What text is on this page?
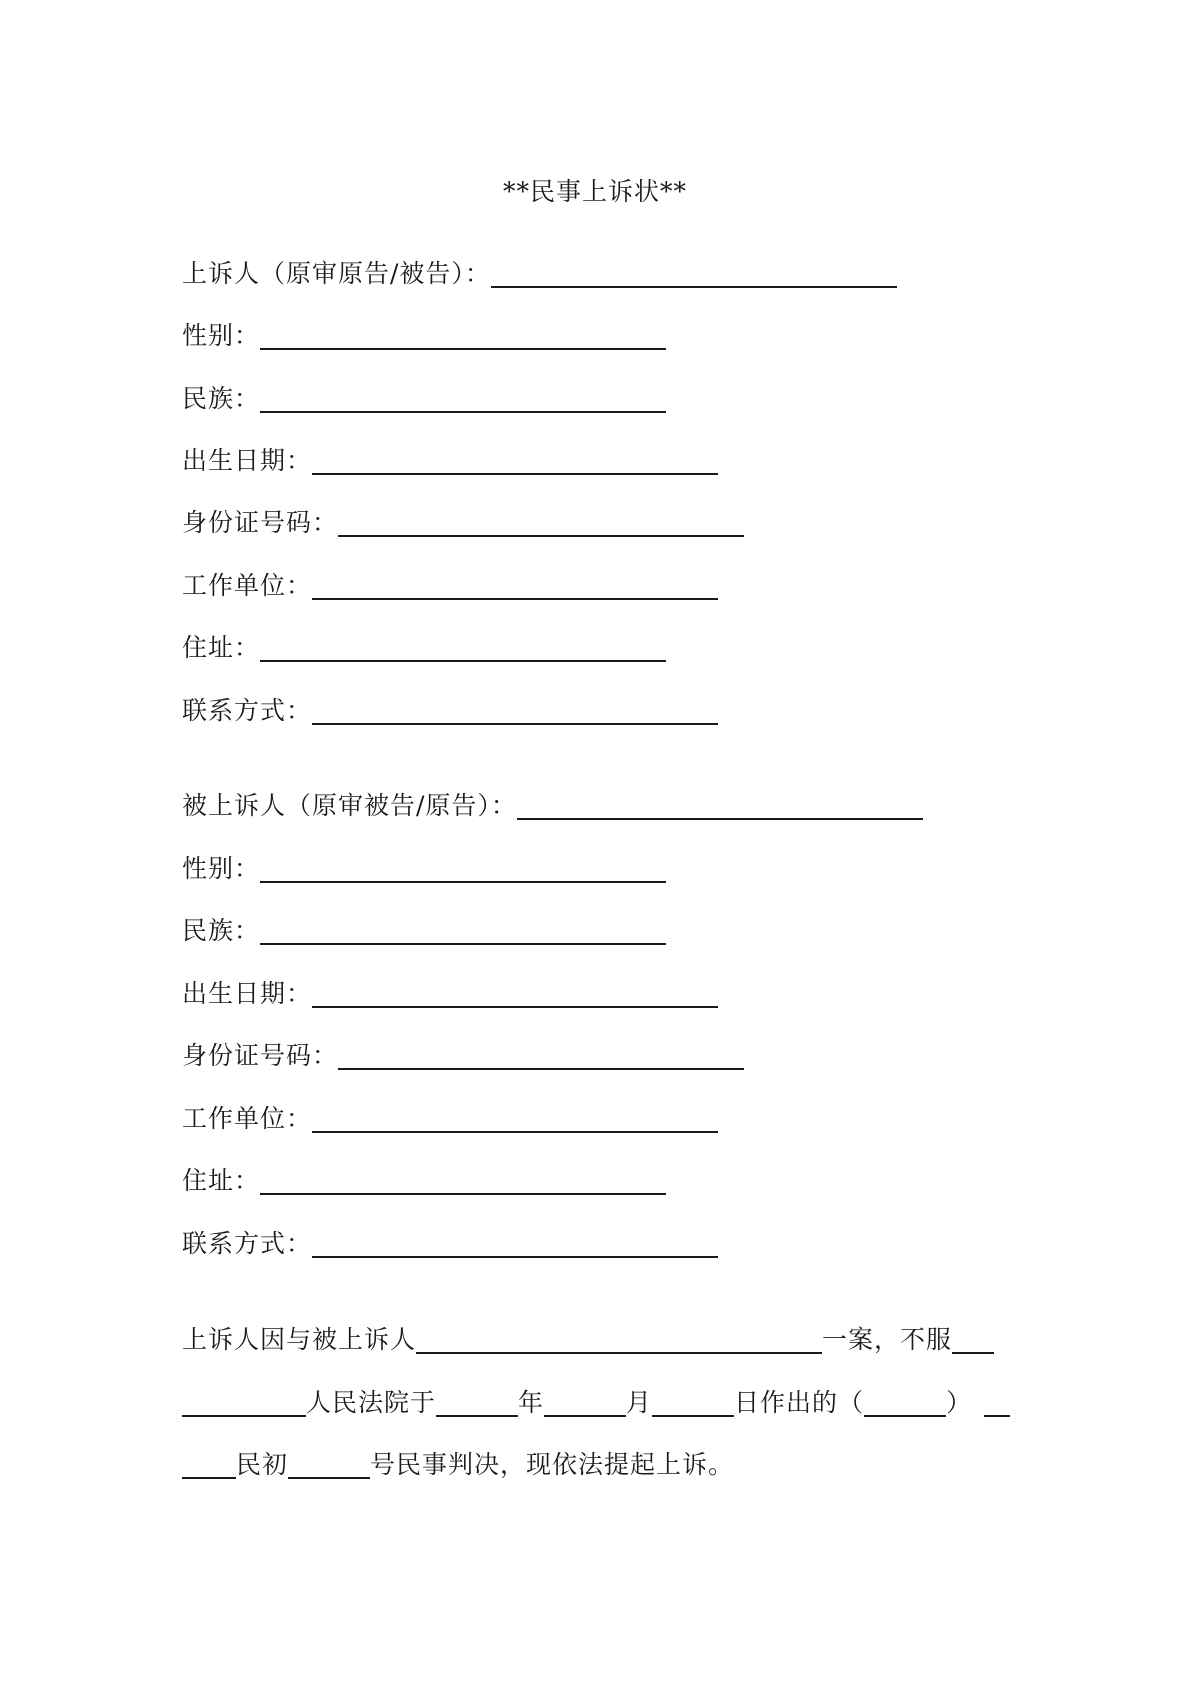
**民事上诉状**
上诉人（原审原告/被告）：
性别：
民族：
出生日期：
身份证号码：
工作单位：
住址：
联系方式：
被上诉人（原审被告/原告）：
性别：
民族：
出生日期：
身份证号码：
工作单位：
住址：
联系方式：
上诉人因与被上诉人	一案，不服
人民法院于	年	月	日作出的（	）
民初	号民事判决，现依法提起上诉。
